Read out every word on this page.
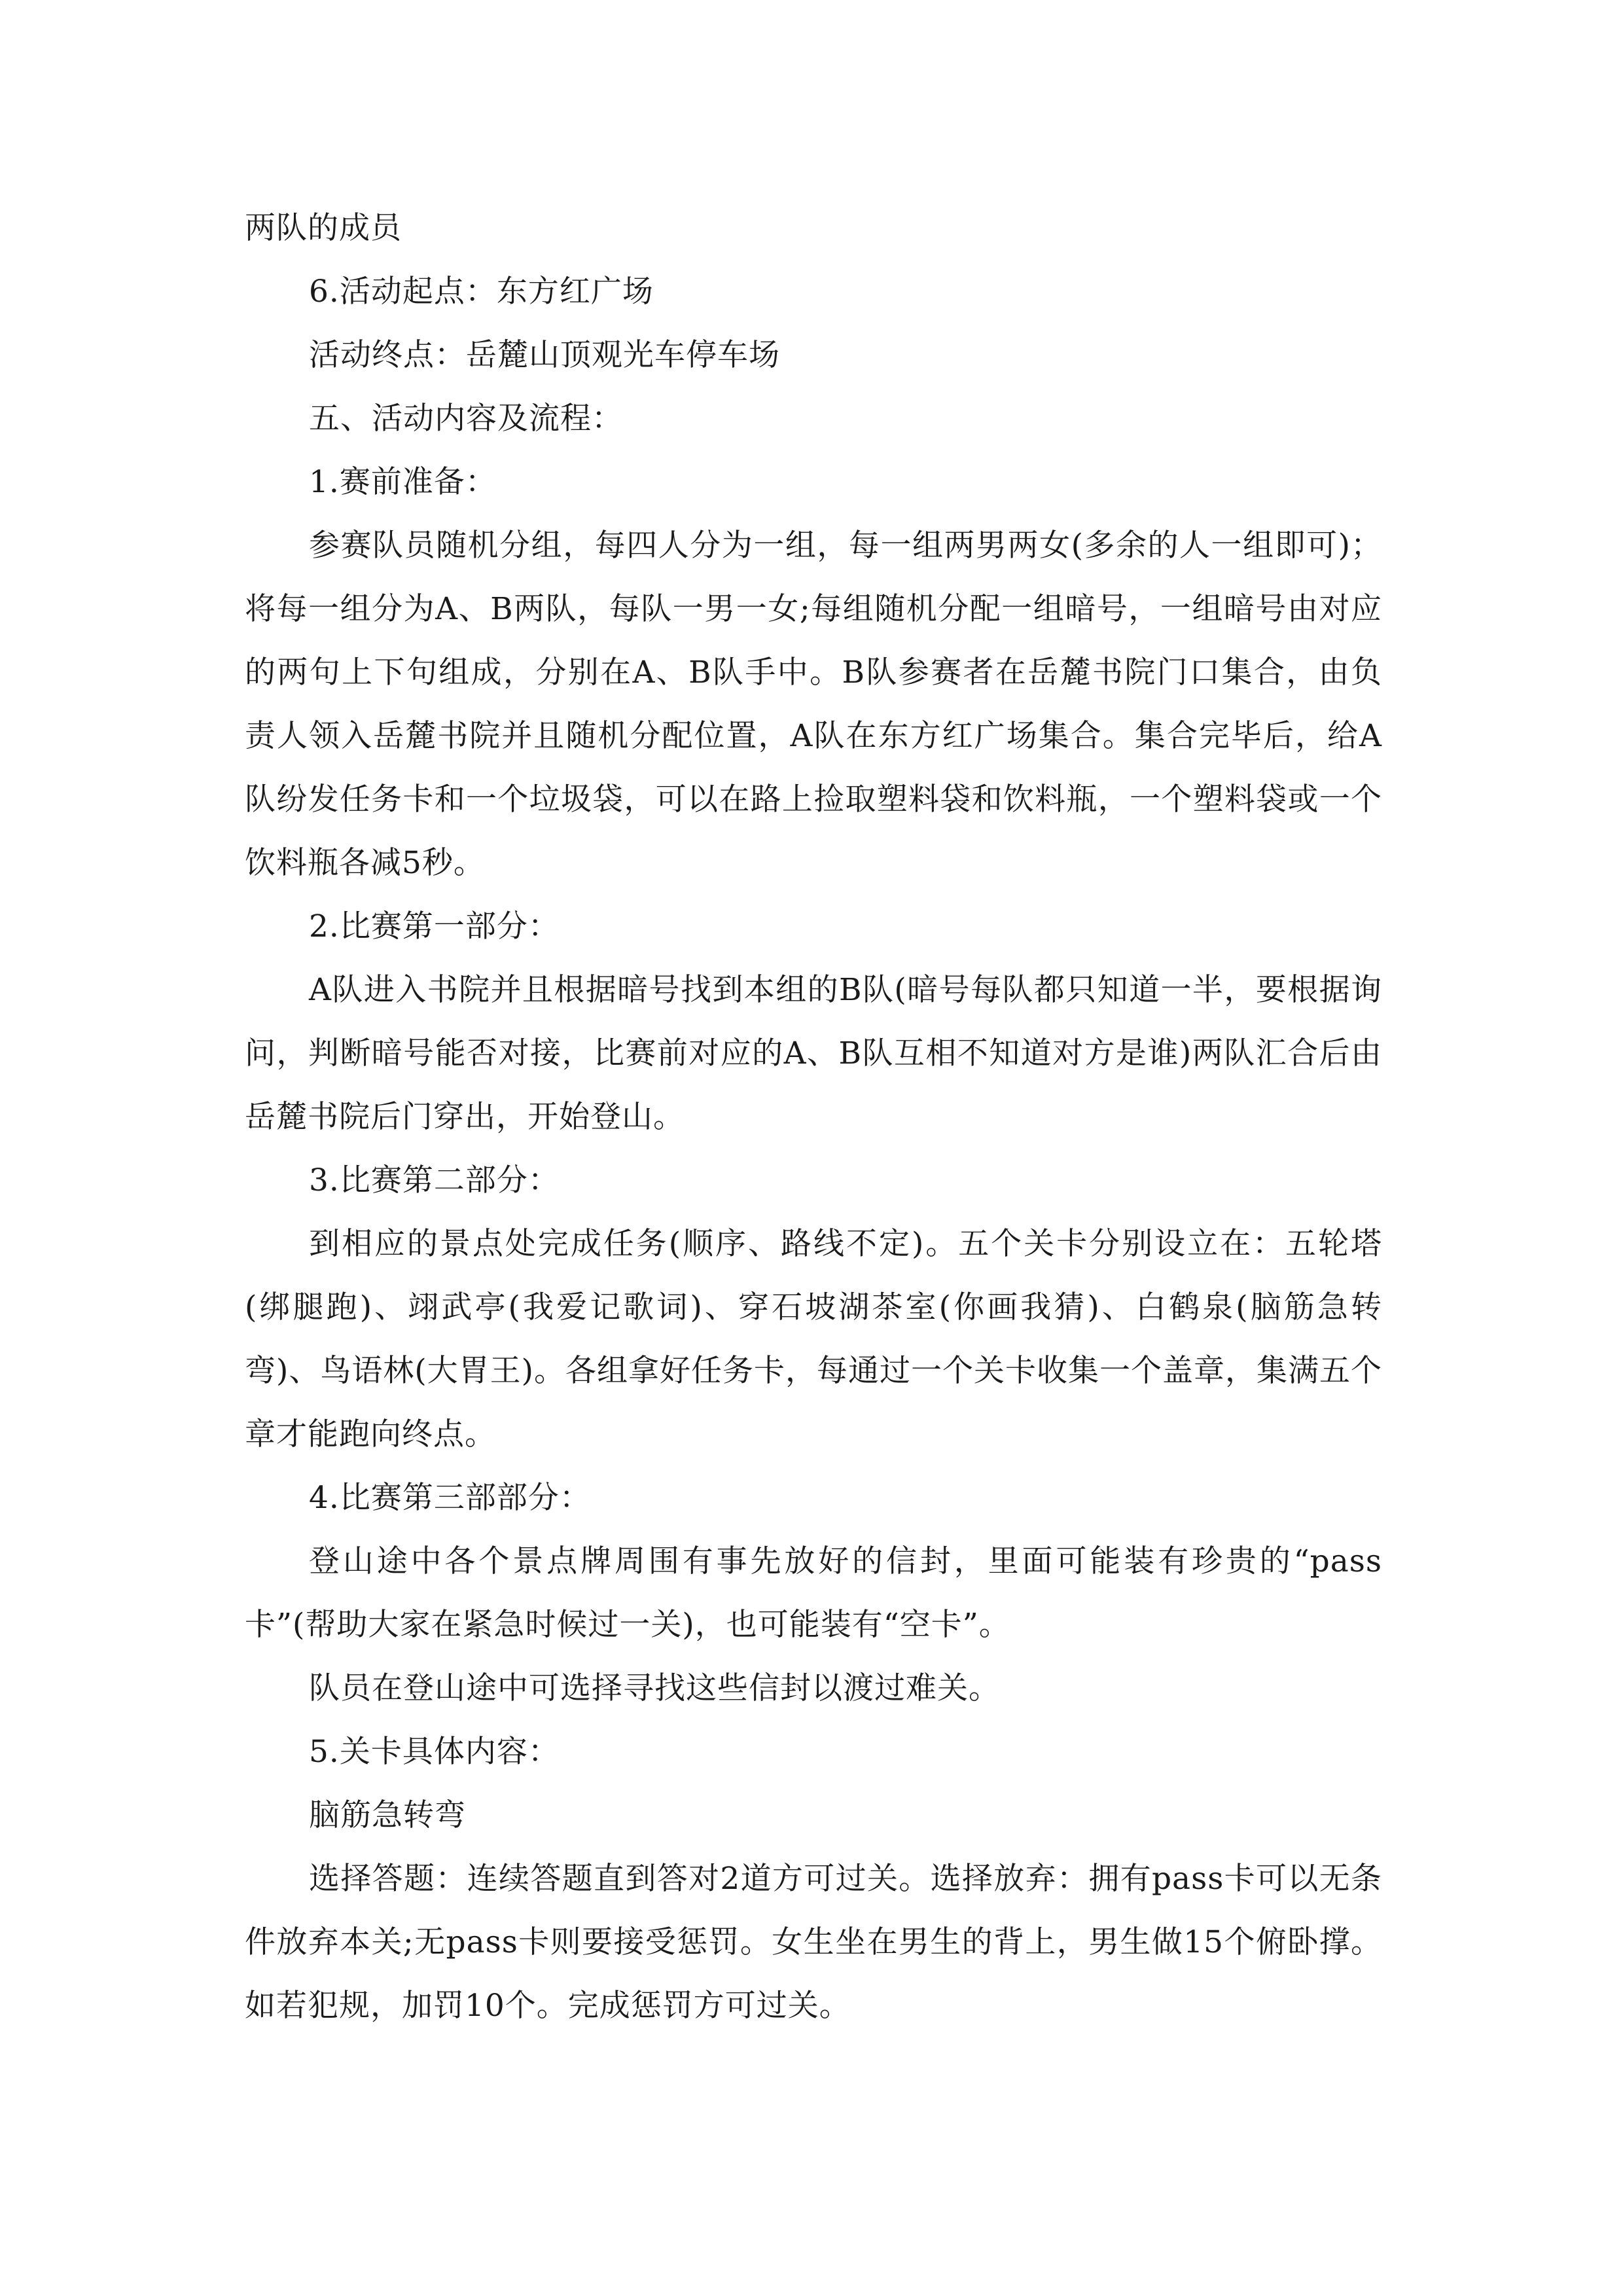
两队的成员

6.活动起点：东方红广场

活动终点：岳麓山顶观光车停车场

五、活动内容及流程：

1.赛前准备：

参赛队员随机分组，每四人分为一组，每一组两男两女(多余的人一组即可)；将每一组分为A、B两队，每队一男一女;每组随机分配一组暗号，一组暗号由对应的两句上下句组成，分别在A、B队手中。B队参赛者在岳麓书院门口集合，由负责人领入岳麓书院并且随机分配位置，A队在东方红广场集合。集合完毕后，给A队纷发任务卡和一个垃圾袋，可以在路上捡取塑料袋和饮料瓶，一个塑料袋或一个饮料瓶各减5秒。

2.比赛第一部分：

A队进入书院并且根据暗号找到本组的B队(暗号每队都只知道一半，要根据询问，判断暗号能否对接，比赛前对应的A、B队互相不知道对方是谁)两队汇合后由岳麓书院后门穿出，开始登山。

3.比赛第二部分：

到相应的景点处完成任务(顺序、路线不定)。五个关卡分别设立在：五轮塔(绑腿跑)、翊武亭(我爱记歌词)、穿石坡湖茶室(你画我猜)、白鹤泉(脑筋急转弯)、鸟语林(大胃王)。各组拿好任务卡，每通过一个关卡收集一个盖章，集满五个章才能跑向终点。

4.比赛第三部部分：

登山途中各个景点牌周围有事先放好的信封，里面可能装有珍贵的“pass卡”(帮助大家在紧急时候过一关)，也可能装有“空卡”。

队员在登山途中可选择寻找这些信封以渡过难关。

5.关卡具体内容：

脑筋急转弯

选择答题：连续答题直到答对2道方可过关。选择放弃：拥有pass卡可以无条件放弃本关;无pass卡则要接受惩罚。女生坐在男生的背上，男生做15个俯卧撑。如若犯规，加罚10个。完成惩罚方可过关。
